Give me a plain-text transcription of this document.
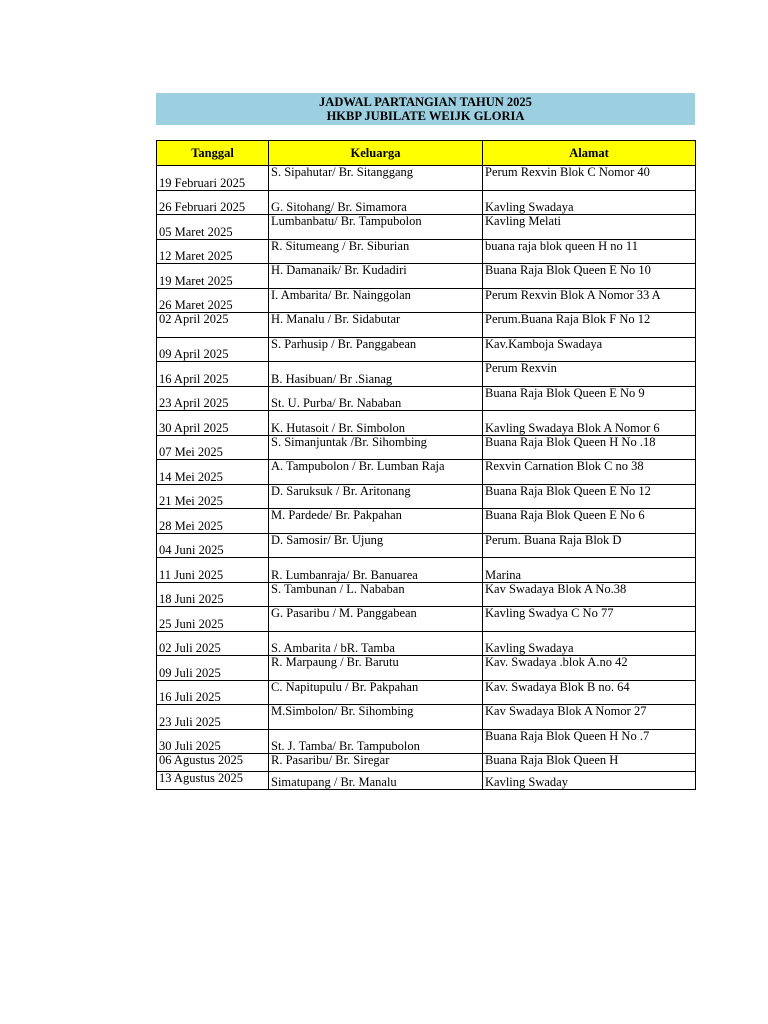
JADWAL PARTANGIAN TAHUN 2025
HKBP JUBILATE WEIJK GLORIA
Tanggal	Keluarga	Alamat
19 Februari 2025	S. Sipahutar/ Br. Sitanggang	Perum Rexvin Blok C Nomor 40
26 Februari 2025	G. Sitohang/ Br. Simamora	Kavling Swadaya
05 Maret 2025	Lumbanbatu/ Br. Tampubolon	Kavling Melati
12 Maret 2025	R. Situmeang / Br. Siburian	buana raja blok queen H no 11
19 Maret 2025	H. Damanaik/ Br. Kudadiri	Buana Raja Blok Queen E No 10
26 Maret 2025	I. Ambarita/ Br. Nainggolan	Perum Rexvin Blok A Nomor 33 A
02 April 2025	H. Manalu / Br. Sidabutar	Perum.Buana Raja Blok F No 12
09 April 2025	S. Parhusip / Br. Panggabean	Kav.Kamboja Swadaya
16 April 2025	B. Hasibuan/ Br .Sianag	Perum Rexvin
23 April 2025	St. U. Purba/ Br. Nababan	Buana Raja Blok Queen E No 9
30 April 2025	K. Hutasoit / Br. Simbolon	Kavling Swadaya Blok A Nomor 6
07 Mei 2025	S. Simanjuntak /Br. Sihombing	Buana Raja Blok Queen H No .18
14 Mei 2025	A. Tampubolon / Br. Lumban Raja	Rexvin Carnation Blok C no 38
21 Mei 2025	D. Saruksuk / Br. Aritonang	Buana Raja Blok Queen E No 12
28 Mei 2025	M. Pardede/ Br. Pakpahan	Buana Raja Blok Queen E No 6
04 Juni 2025	D. Samosir/ Br. Ujung	Perum. Buana Raja Blok D
11 Juni 2025	R. Lumbanraja/ Br. Banuarea	Marina
18 Juni 2025	S. Tambunan / L. Nababan	Kav Swadaya Blok A No.38
25 Juni 2025	G. Pasaribu / M. Panggabean	Kavling Swadya C No 77
02 Juli 2025	S. Ambarita / bR. Tamba	Kavling Swadaya
09 Juli 2025	R. Marpaung / Br. Barutu	Kav. Swadaya .blok A.no 42
16 Juli 2025	C. Napitupulu / Br. Pakpahan	Kav. Swadaya Blok B no. 64
23 Juli 2025	M.Simbolon/ Br. Sihombing	Kav Swadaya Blok A Nomor 27
30 Juli 2025	St. J. Tamba/ Br. Tampubolon	Buana Raja Blok Queen H No .7
06 Agustus 2025	R. Pasaribu/ Br. Siregar	Buana Raja Blok Queen H
13 Agustus 2025	Simatupang / Br. Manalu	Kavling Swaday
